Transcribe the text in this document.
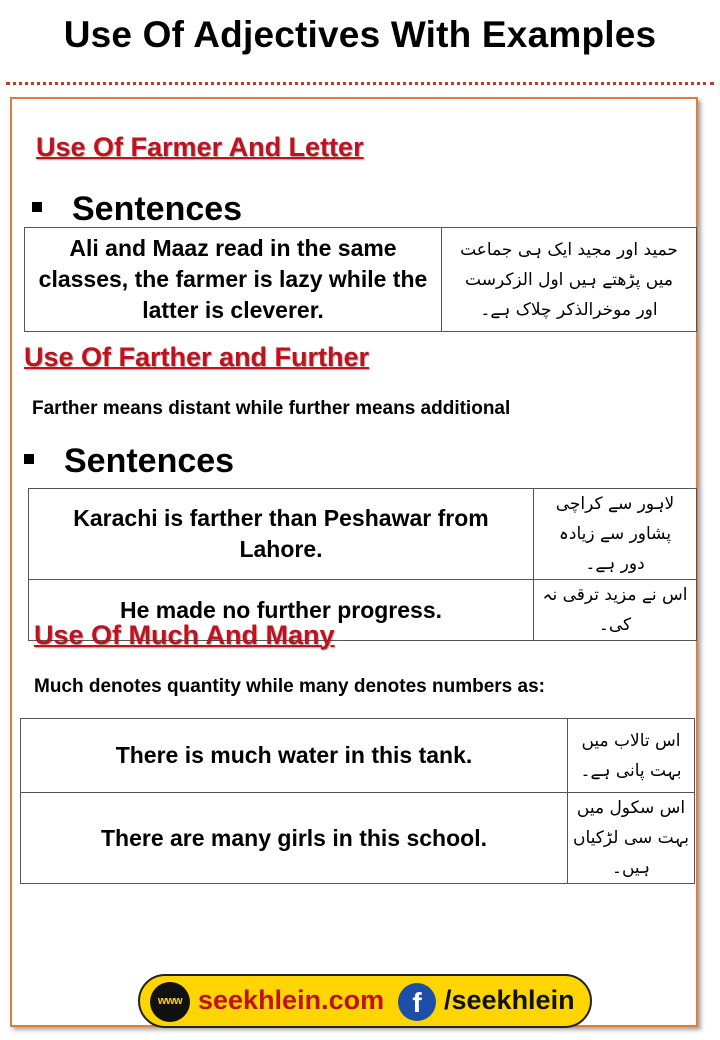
Use Of Adjectives With Examples
Use Of Farmer And Letter
Sentences
Ali and Maaz read in the same classes, the farmer is lazy while the latter is cleverer.	حمید اور مجید ایک ہی جماعت میں پڑھتے ہیں اول الزکرست اور موخرالذکر چلاک ہے۔
Use Of Farther and Further
Farther means distant while further means additional
Sentences
Karachi is farther than Peshawar from Lahore.	لاہور سے کراچی پشاور سے زیادہ دور ہے۔
He made no further progress.	اس نے مزید ترقی نہ کی۔
Use Of Much And Many
Much denotes quantity while many denotes numbers as:
There is much water in this tank.	اس تالاب میں بہت پانی ہے۔
There are many girls in this school.	اس سکول میں بہت سی لڑکیاں ہیں۔
www seekhlein.com	f /seekhlein
